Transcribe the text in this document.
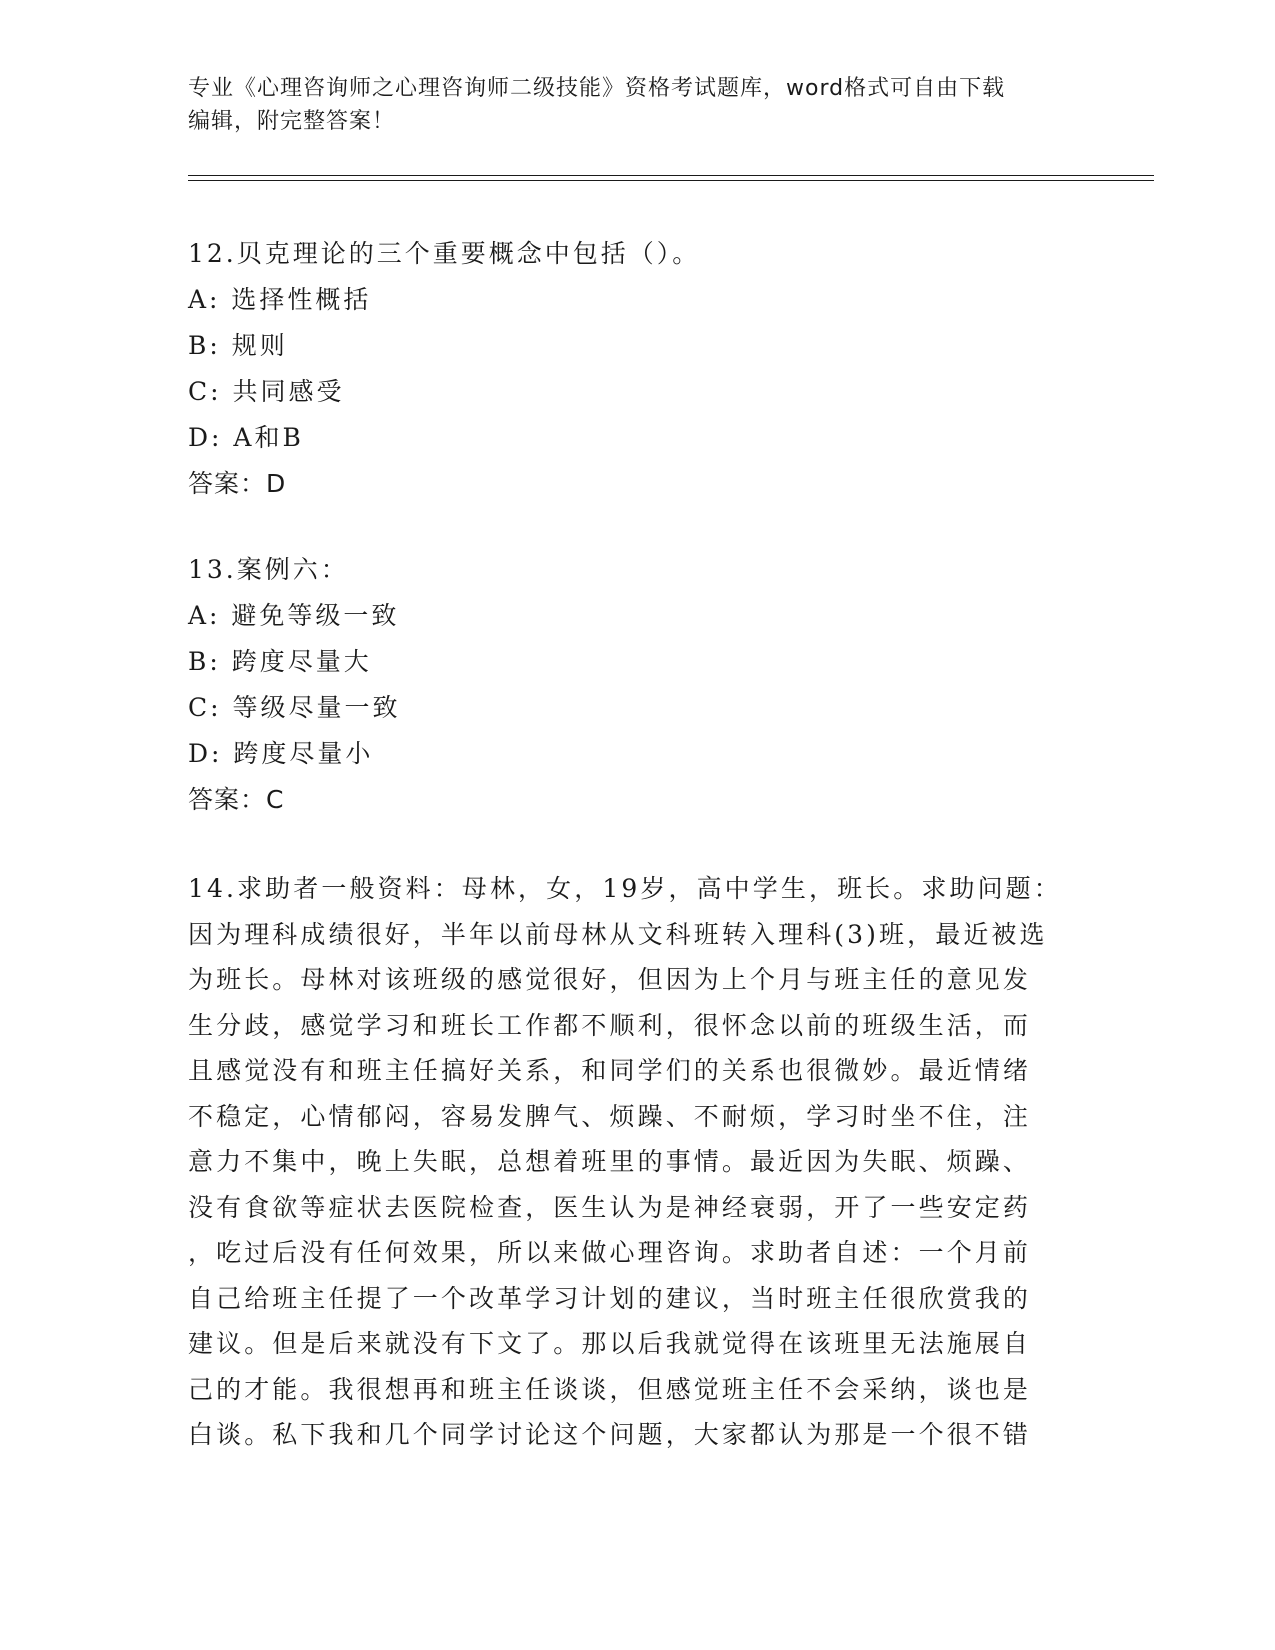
专业《心理咨询师之心理咨询师二级技能》资格考试题库，word格式可自由下载
编辑，附完整答案！
12.贝克理论的三个重要概念中包括（）。
A: 选择性概括
B: 规则
C: 共同感受
D: A和B
答案：D
13.案例六：
A: 避免等级一致
B: 跨度尽量大
C: 等级尽量一致
D: 跨度尽量小
答案：C
14.求助者一般资料：母林，女，19岁，高中学生，班长。求助问题：
因为理科成绩很好，半年以前母林从文科班转入理科(3)班，最近被选
为班长。母林对该班级的感觉很好，但因为上个月与班主任的意见发
生分歧，感觉学习和班长工作都不顺利，很怀念以前的班级生活，而
且感觉没有和班主任搞好关系，和同学们的关系也很微妙。最近情绪
不稳定，心情郁闷，容易发脾气、烦躁、不耐烦，学习时坐不住，注
意力不集中，晚上失眠，总想着班里的事情。最近因为失眠、烦躁、
没有食欲等症状去医院检查，医生认为是神经衰弱，开了一些安定药
，吃过后没有任何效果，所以来做心理咨询。求助者自述：一个月前
自己给班主任提了一个改革学习计划的建议，当时班主任很欣赏我的
建议。但是后来就没有下文了。那以后我就觉得在该班里无法施展自
己的才能。我很想再和班主任谈谈，但感觉班主任不会采纳，谈也是
白谈。私下我和几个同学讨论这个问题，大家都认为那是一个很不错
